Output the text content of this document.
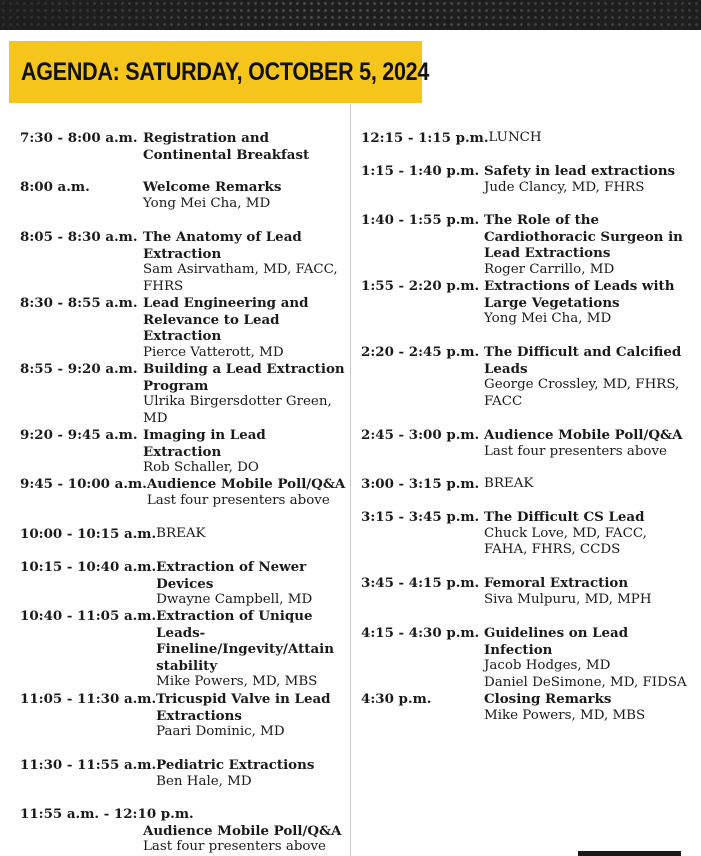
AGENDA: SATURDAY, OCTOBER 5, 2024
7:30 - 8:00 a.m. Registration and Continental Breakfast
8:00 a.m.	Welcome Remarks
Yong Mei Cha, MD
8:05 - 8:30 a.m. The Anatomy of Lead Extraction
Sam Asirvatham, MD, FACC, FHRS
8:30 - 8:55 a.m. Lead Engineering and Relevance to Lead Extraction
Pierce Vatterott, MD
8:55 - 9:20 a.m. Building a Lead Extraction Program
Ulrika Birgersdotter Green, MD
9:20 - 9:45 a.m. Imaging in Lead Extraction
Rob Schaller, DO
9:45 - 10:00 a.m. Audience Mobile Poll/Q&A
Last four presenters above
10:00 - 10:15 a.m. BREAK
10:15 - 10:40 a.m. Extraction of Newer Devices
Dwayne Campbell, MD
10:40 - 11:05 a.m. Extraction of Unique Leads- Fineline/Ingevity/Attain stability
Mike Powers, MD, MBS
11:05 - 11:30 a.m. Tricuspid Valve in Lead Extractions
Paari Dominic, MD
11:30 - 11:55 a.m. Pediatric Extractions
Ben Hale, MD
11:55 a.m. - 12:10 p.m.
Audience Mobile Poll/Q&A
Last four presenters above
12:15 - 1:15 p.m. LUNCH
1:15 - 1:40 p.m. Safety in lead extractions
Jude Clancy, MD, FHRS
1:40 - 1:55 p.m. The Role of the Cardiothoracic Surgeon in Lead Extractions
Roger Carrillo, MD
1:55 - 2:20 p.m. Extractions of Leads with Large Vegetations
Yong Mei Cha, MD
2:20 - 2:45 p.m. The Difficult and Calcified Leads
George Crossley, MD, FHRS, FACC
2:45 - 3:00 p.m. Audience Mobile Poll/Q&A
Last four presenters above
3:00 - 3:15 p.m. BREAK
3:15 - 3:45 p.m. The Difficult CS Lead
Chuck Love, MD, FACC, FAHA, FHRS, CCDS
3:45 - 4:15 p.m. Femoral Extraction
Siva Mulpuru, MD, MPH
4:15 - 4:30 p.m. Guidelines on Lead Infection
Jacob Hodges, MD
Daniel DeSimone, MD, FIDSA
4:30 p.m.	Closing Remarks
Mike Powers, MD, MBS
